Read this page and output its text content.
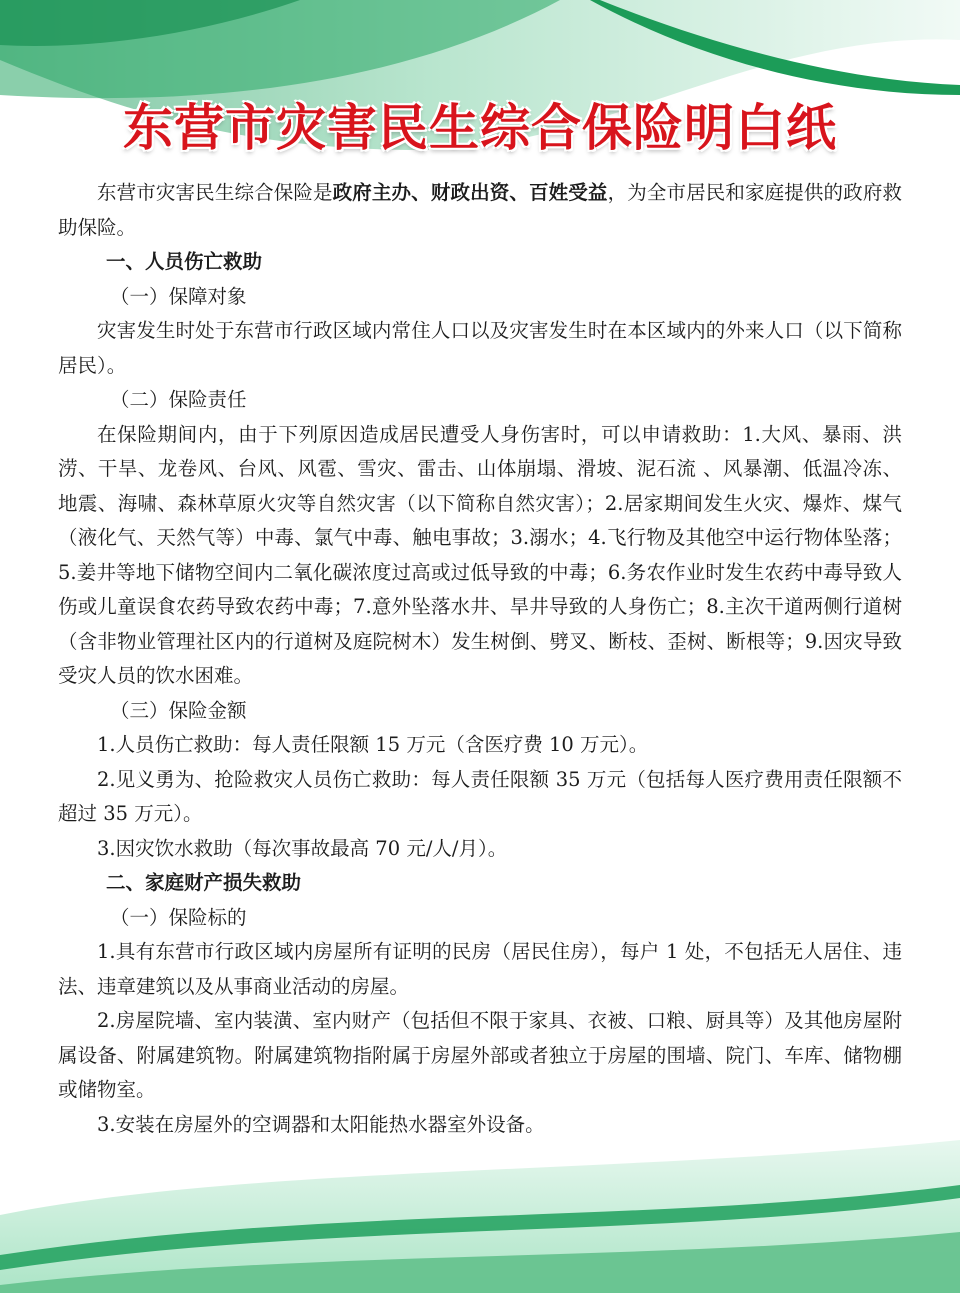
东营市灾害民生综合保险明白纸

东营市灾害民生综合保险是政府主办、财政出资、百姓受益，为全市居民和家庭提供的政府救助保险。

一、人员伤亡救助

（一）保障对象

灾害发生时处于东营市行政区域内常住人口以及灾害发生时在本区域内的外来人口（以下简称居民）。

（二）保险责任

在保险期间内，由于下列原因造成居民遭受人身伤害时，可以申请救助：1.大风、暴雨、洪涝、干旱、龙卷风、台风、风雹、雪灾、雷击、山体崩塌、滑坡、泥石流 、风暴潮、低温冷冻、地震、海啸、森林草原火灾等自然灾害（以下简称自然灾害）；2.居家期间发生火灾、爆炸、煤气（液化气、天然气等）中毒、氯气中毒、触电事故；3.溺水；4.飞行物及其他空中运行物体坠落；5.姜井等地下储物空间内二氧化碳浓度过高或过低导致的中毒；6.务农作业时发生农药中毒导致人伤或儿童误食农药导致农药中毒；7.意外坠落水井、旱井导致的人身伤亡；8.主次干道两侧行道树（含非物业管理社区内的行道树及庭院树木）发生树倒、劈叉、断枝、歪树、断根等；9.因灾导致受灾人员的饮水困难。

（三）保险金额

1.人员伤亡救助：每人责任限额 15 万元（含医疗费 10 万元）。

2.见义勇为、抢险救灾人员伤亡救助：每人责任限额 35 万元（包括每人医疗费用责任限额不超过 35 万元）。

3.因灾饮水救助（每次事故最高 70 元/人/月）。

二、家庭财产损失救助

（一）保险标的

1.具有东营市行政区域内房屋所有证明的民房（居民住房），每户 1 处，不包括无人居住、违法、违章建筑以及从事商业活动的房屋。

2.房屋院墙、室内装潢、室内财产（包括但不限于家具、衣被、口粮、厨具等）及其他房屋附属设备、附属建筑物。附属建筑物指附属于房屋外部或者独立于房屋的围墙、院门、车库、储物棚或储物室。

3.安装在房屋外的空调器和太阳能热水器室外设备。
